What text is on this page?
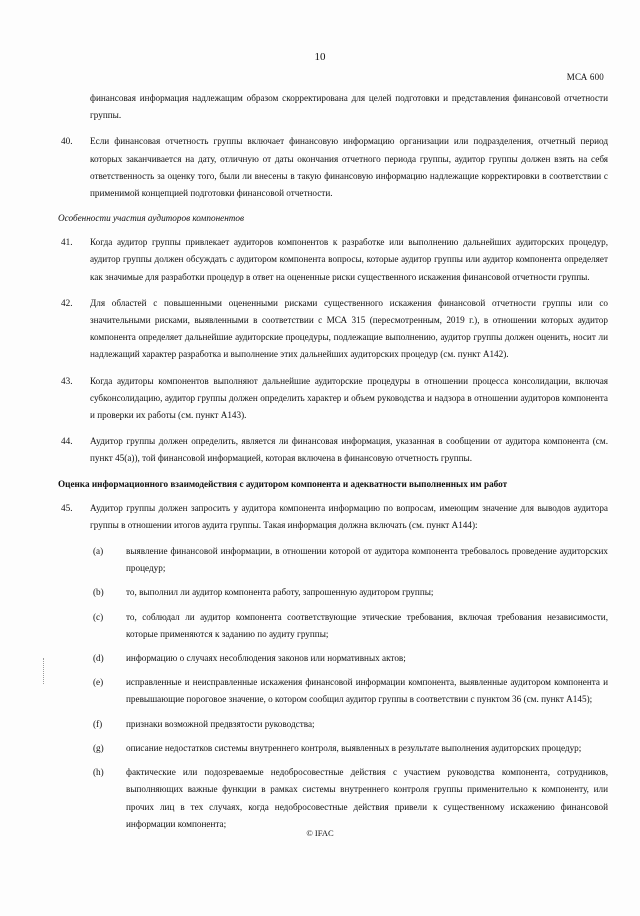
10
МСА 600

финансовая информация надлежащим образом скорректирована для целей подготовки и представления финансовой отчетности группы.

40. Если финансовая отчетность группы включает финансовую информацию организации или подразделения, отчетный период которых заканчивается на дату, отличную от даты окончания отчетного периода группы, аудитор группы должен взять на себя ответственность за оценку того, были ли внесены в такую финансовую информацию надлежащие корректировки в соответствии с применимой концепцией подготовки финансовой отчетности.
Особенности участия аудиторов компонентов
41. Когда аудитор группы привлекает аудиторов компонентов к разработке или выполнению дальнейших аудиторских процедур, аудитор группы должен обсуждать с аудитором компонента вопросы, которые аудитор группы или аудитор компонента определяет как значимые для разработки процедур в ответ на оцененные риски существенного искажения финансовой отчетности группы.
42. Для областей с повышенными оцененными рисками существенного искажения финансовой отчетности группы или со значительными рисками, выявленными в соответствии с МСА 315 (пересмотренным, 2019 г.), в отношении которых аудитор компонента определяет дальнейшие аудиторские процедуры, подлежащие выполнению, аудитор группы должен оценить, носит ли надлежащий характер разработка и выполнение этих дальнейших аудиторских процедур (см. пункт А142).
43. Когда аудиторы компонентов выполняют дальнейшие аудиторские процедуры в отношении процесса консолидации, включая субконсолидацию, аудитор группы должен определить характер и объем руководства и надзора в отношении аудиторов компонента и проверки их работы (см. пункт А143).
44. Аудитор группы должен определить, является ли финансовая информация, указанная в сообщении от аудитора компонента (см. пункт 45(a)), той финансовой информацией, которая включена в финансовую отчетность группы.
Оценка информационного взаимодействия с аудитором компонента и адекватности выполненных им работ
45. Аудитор группы должен запросить у аудитора компонента информацию по вопросам, имеющим значение для выводов аудитора группы в отношении итогов аудита группы. Такая информация должна включать (см. пункт А144):
(a) выявление финансовой информации, в отношении которой от аудитора компонента требовалось проведение аудиторских процедур;
(b) то, выполнил ли аудитор компонента работу, запрошенную аудитором группы;
(c) то, соблюдал ли аудитор компонента соответствующие этические требования, включая требования независимости, которые применяются к заданию по аудиту группы;
(d) информацию о случаях несоблюдения законов или нормативных актов;
(e) исправленные и неисправленные искажения финансовой информации компонента, выявленные аудитором компонента и превышающие пороговое значение, о котором сообщил аудитор группы в соответствии с пунктом 36 (см. пункт А145);
(f)	признаки возможной предвзятости руководства;
(g) описание недостатков системы внутреннего контроля, выявленных в результате выполнения аудиторских процедур;
(h) фактические или подозреваемые недобросовестные действия с участием руководства компонента, сотрудников, выполняющих важные функции в рамках системы внутреннего контроля группы применительно к компоненту, или прочих лиц в тех случаях, когда недобросовестные действия привели к существенному искажению финансовой информации компонента;
© IFAC
